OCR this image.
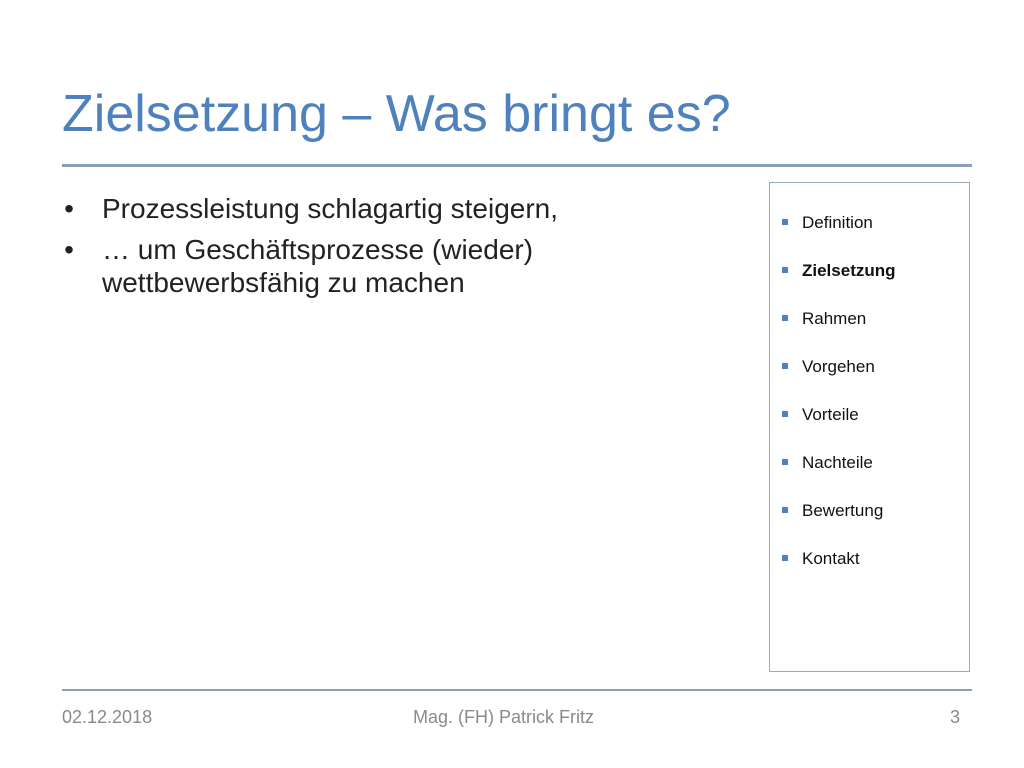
Zielsetzung – Was bringt es?
• Prozessleistung schlagartig steigern,
• … um Geschäftsprozesse (wieder) wettbewerbsfähig zu machen
Definition
Zielsetzung
Rahmen
Vorgehen
Vorteile
Nachteile
Bewertung
Kontakt
02.12.2018	Mag. (FH) Patrick Fritz	3
